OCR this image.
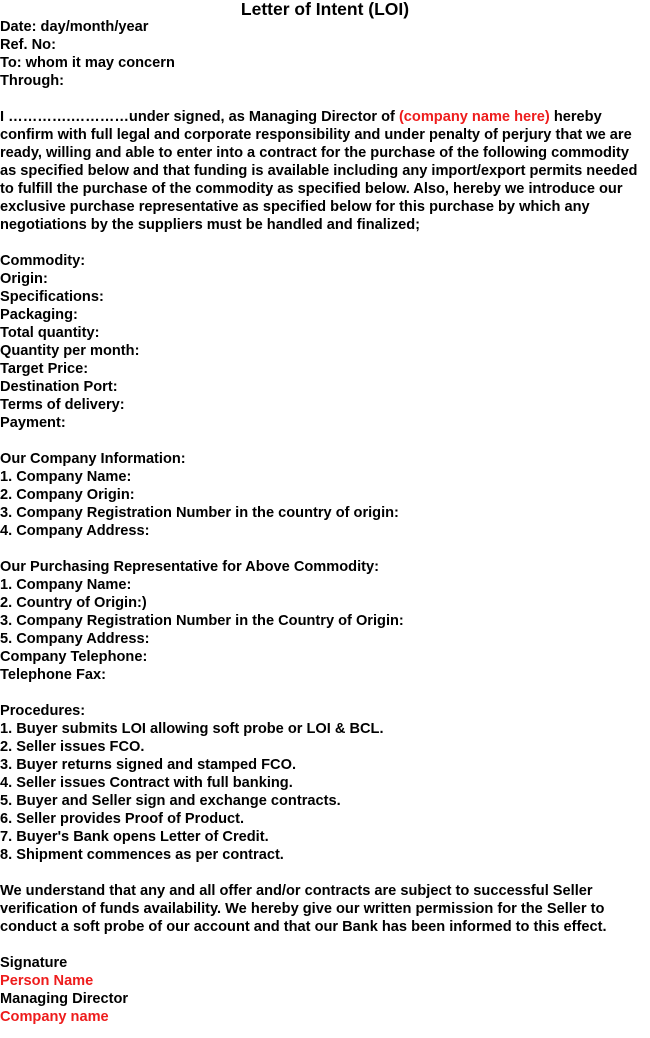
Letter of Intent (LOI)
Date: day/month/year
Ref. No:
To: whom it may concern
Through:
I ………….…………under signed, as Managing Director of (company name here) hereby confirm with full legal and corporate responsibility and under penalty of perjury that we are ready, willing and able to enter into a contract for the purchase of the following commodity as specified below and that funding is available including any import/export permits needed to fulfill the purchase of the commodity as specified below. Also, hereby we introduce our exclusive purchase representative as specified below for this purchase by which any negotiations by the suppliers must be handled and finalized;
Commodity:
Origin:
Specifications:
Packaging:
Total quantity:
Quantity per month:
Target Price:
Destination Port:
Terms of delivery:
Payment:
Our Company Information:
1. Company Name:
2. Company Origin:
3. Company Registration Number in the country of origin:
4. Company Address:
Our Purchasing Representative for Above Commodity:
1. Company Name:
2. Country of Origin:)
3. Company Registration Number in the Country of Origin:
5. Company Address:
Company Telephone:
Telephone Fax:
Procedures:
1. Buyer submits LOI allowing soft probe or LOI & BCL.
2. Seller issues FCO.
3. Buyer returns signed and stamped FCO.
4. Seller issues Contract with full banking.
5. Buyer and Seller sign and exchange contracts.
6. Seller provides Proof of Product.
7. Buyer's Bank opens Letter of Credit.
8. Shipment commences as per contract.
We understand that any and all offer and/or contracts are subject to successful Seller verification of funds availability. We hereby give our written permission for the Seller to conduct a soft probe of our account and that our Bank has been informed to this effect.
Signature
Person Name
Managing Director
Company name
